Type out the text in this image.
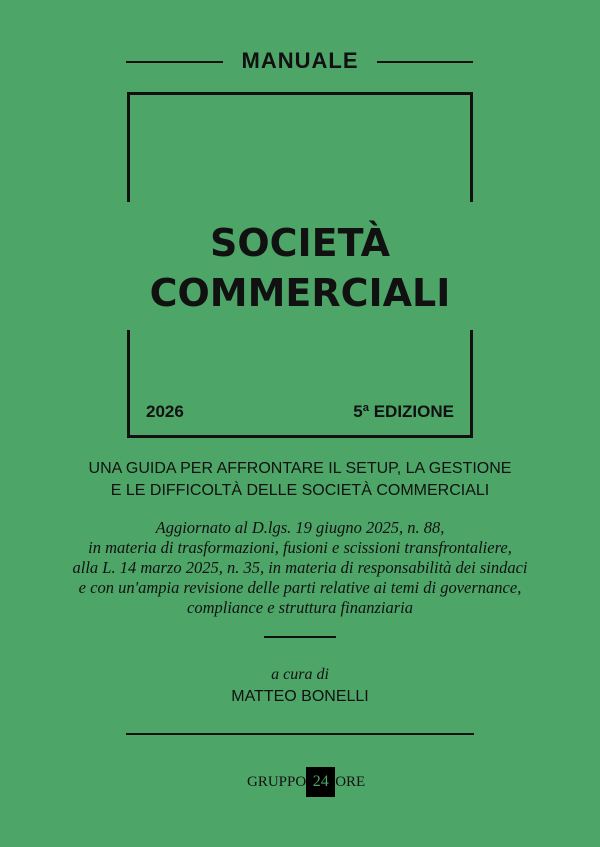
MANUALE
SOCIETÀ
COMMERCIALI
2026	5ª EDIZIONE
UNA GUIDA PER AFFRONTARE IL SETUP, LA GESTIONE
E LE DIFFICOLTÀ DELLE SOCIETÀ COMMERCIALI
Aggiornato al D.lgs. 19 giugno 2025, n. 88,
in materia di trasformazioni, fusioni e scissioni transfrontaliere,
alla L. 14 marzo 2025, n. 35, in materia di responsabilità dei sindaci
e con un'ampia revisione delle parti relative ai temi di governance,
compliance e struttura finanziaria
a cura di
MATTEO BONELLI
GRUPPO 24 ORE
